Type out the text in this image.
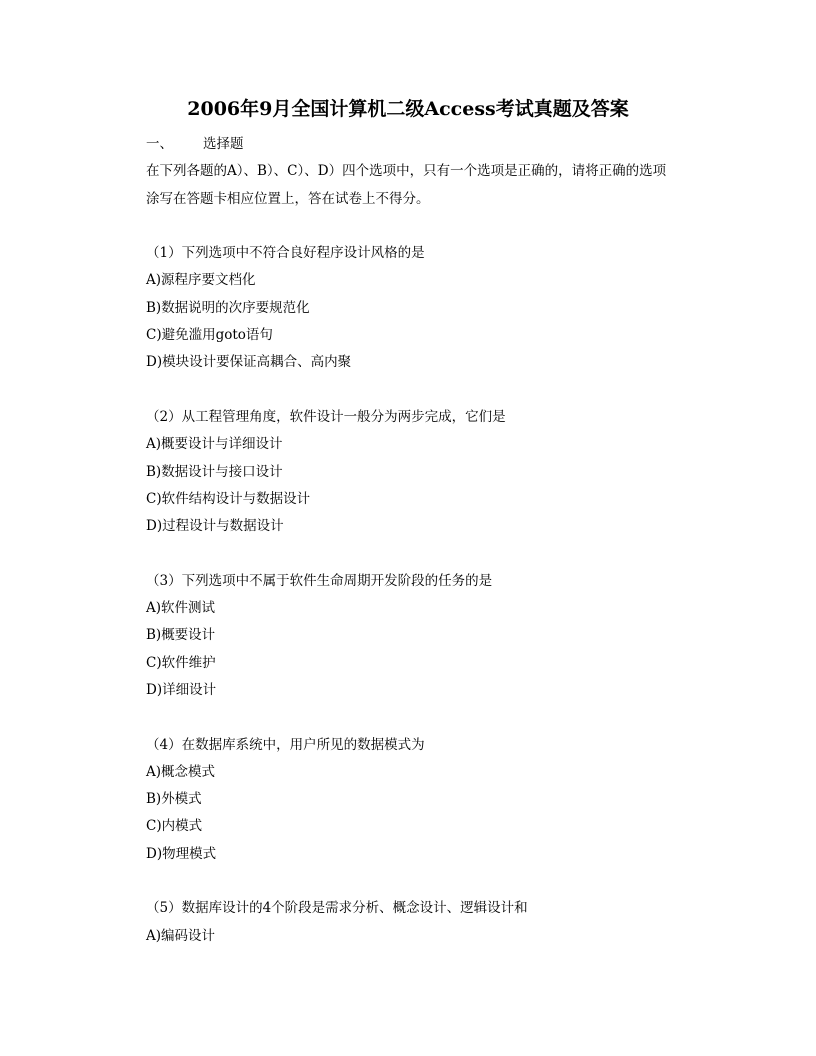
2006年9月全国计算机二级Access考试真题及答案
一、 选择题
在下列各题的A）、B）、C）、D）四个选项中，只有一个选项是正确的，请将正确的选项
涂写在答题卡相应位置上，答在试卷上不得分。
（1）下列选项中不符合良好程序设计风格的是
A)源程序要文档化
B)数据说明的次序要规范化
C)避免滥用goto语句
D)模块设计要保证高耦合、高内聚
（2）从工程管理角度，软件设计一般分为两步完成，它们是
A)概要设计与详细设计
B)数据设计与接口设计
C)软件结构设计与数据设计
D)过程设计与数据设计
（3）下列选项中不属于软件生命周期开发阶段的任务的是
A)软件测试
B)概要设计
C)软件维护
D)详细设计
（4）在数据库系统中，用户所见的数据模式为
A)概念模式
B)外模式
C)内模式
D)物理模式
（5）数据库设计的4个阶段是需求分析、概念设计、逻辑设计和
A)编码设计
